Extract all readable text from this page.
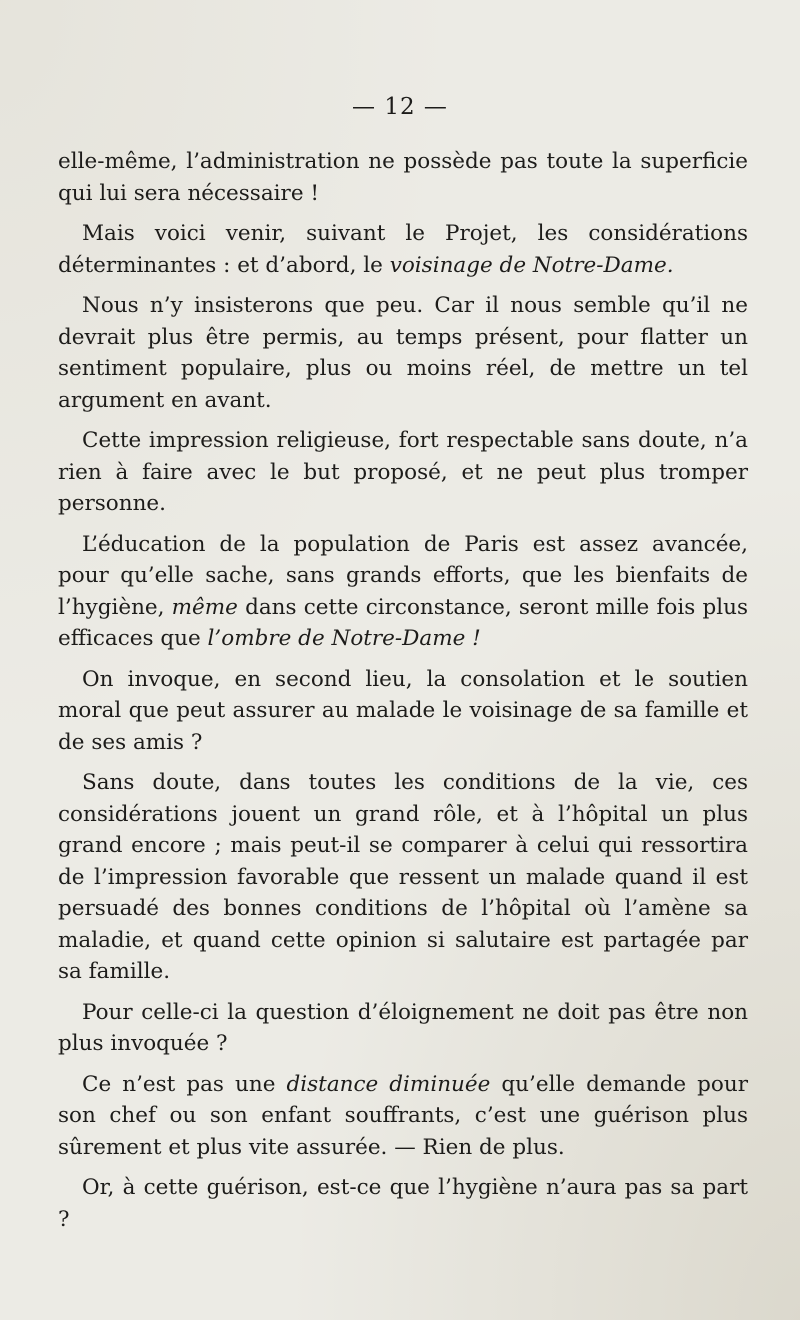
— 12 —

elle-même, l’administration ne possède pas toute la superficie qui lui sera nécessaire !

Mais voici venir, suivant le Projet, les considérations déterminantes : et d’abord, le voisinage de Notre-Dame.

Nous n’y insisterons que peu. Car il nous semble qu’il ne devrait plus être permis, au temps présent, pour flatter un sentiment populaire, plus ou moins réel, de mettre un tel argument en avant.

Cette impression religieuse, fort respectable sans doute, n’a rien à faire avec le but proposé, et ne peut plus tromper personne.

L’éducation de la population de Paris est assez avancée, pour qu’elle sache, sans grands efforts, que les bienfaits de l’hygiène, même dans cette circonstance, seront mille fois plus efficaces que l’ombre de Notre-Dame !

On invoque, en second lieu, la consolation et le soutien moral que peut assurer au malade le voisinage de sa famille et de ses amis ?

Sans doute, dans toutes les conditions de la vie, ces considérations jouent un grand rôle, et à l’hôpital un plus grand encore ; mais peut-il se comparer à celui qui ressortira de l’impression favorable que ressent un malade quand il est persuadé des bonnes conditions de l’hôpital où l’amène sa maladie, et quand cette opinion si salutaire est partagée par sa famille.

Pour celle-ci la question d’éloignement ne doit pas être non plus invoquée ?

Ce n’est pas une distance diminuée qu’elle demande pour son chef ou son enfant souffrants, c’est une guérison plus sûrement et plus vite assurée. — Rien de plus.

Or, à cette guérison, est-ce que l’hygiène n’aura pas sa part ?
